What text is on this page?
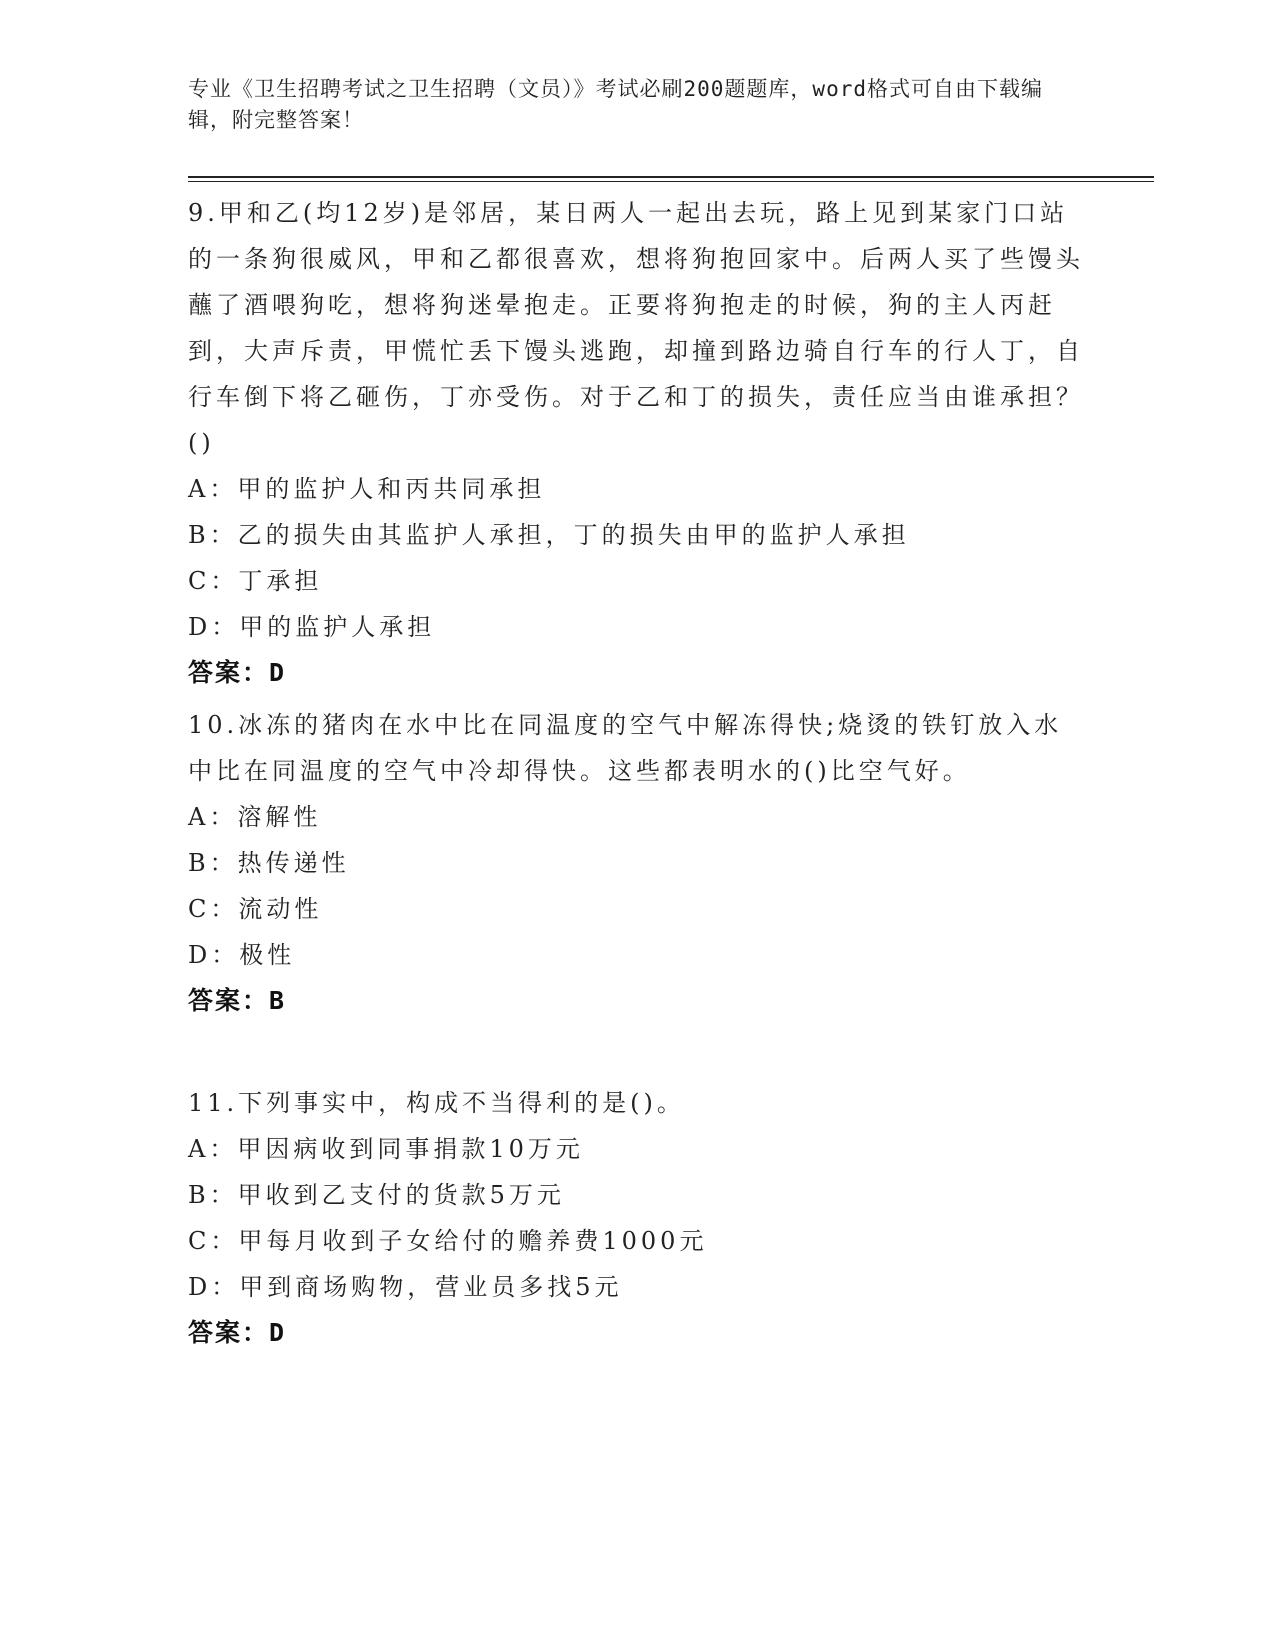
专业《卫生招聘考试之卫生招聘（文员）》考试必刷200题题库，word格式可自由下载编辑，附完整答案！

9.甲和乙(均12岁)是邻居，某日两人一起出去玩，路上见到某家门口站的一条狗很威风，甲和乙都很喜欢，想将狗抱回家中。后两人买了些馒头蘸了酒喂狗吃，想将狗迷晕抱走。正要将狗抱走的时候，狗的主人丙赶到，大声斥责，甲慌忙丢下馒头逃跑，却撞到路边骑自行车的行人丁，自行车倒下将乙砸伤，丁亦受伤。对于乙和丁的损失，责任应当由谁承担？()

A：甲的监护人和丙共同承担
B：乙的损失由其监护人承担，丁的损失由甲的监护人承担
C：丁承担
D：甲的监护人承担
答案：D

10.冰冻的猪肉在水中比在同温度的空气中解冻得快;烧烫的铁钉放入水中比在同温度的空气中冷却得快。这些都表明水的()比空气好。

A：溶解性
B：热传递性
C：流动性
D：极性
答案：B

11.下列事实中，构成不当得利的是()。

A：甲因病收到同事捐款10万元
B：甲收到乙支付的货款5万元
C：甲每月收到子女给付的赡养费1000元
D：甲到商场购物，营业员多找5元
答案：D
